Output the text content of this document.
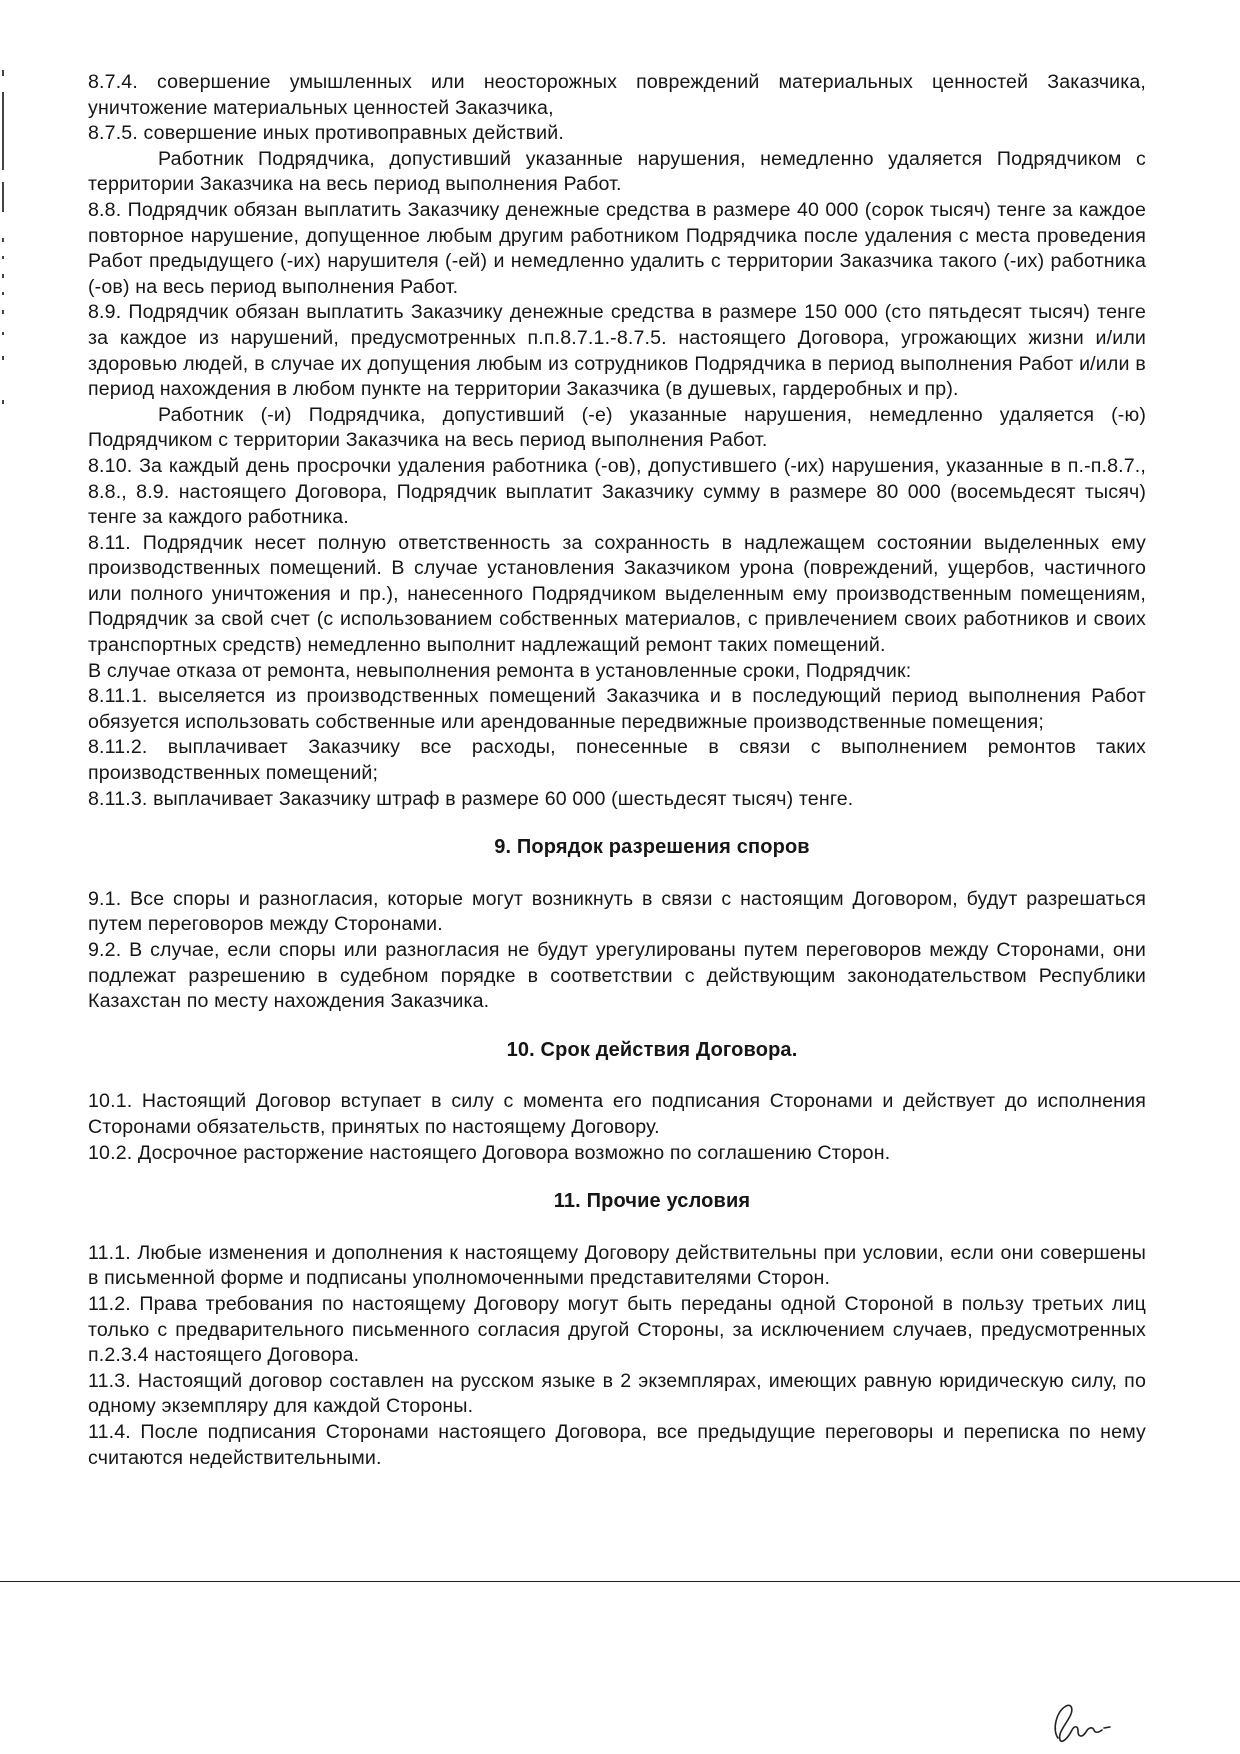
8.7.4. совершение умышленных или неосторожных повреждений материальных ценностей Заказчика, уничтожение материальных ценностей Заказчика,

8.7.5. совершение иных противоправных действий.

Работник Подрядчика, допустивший указанные нарушения, немедленно удаляется Подрядчиком с территории Заказчика на весь период выполнения Работ.

8.8. Подрядчик обязан выплатить Заказчику денежные средства в размере 40 000 (сорок тысяч) тенге за каждое повторное нарушение, допущенное любым другим работником Подрядчика после удаления с места проведения Работ предыдущего (-их) нарушителя (-ей) и немедленно удалить с территории Заказчика такого (-их) работника (-ов) на весь период выполнения Работ.

8.9. Подрядчик обязан выплатить Заказчику денежные средства в размере 150 000 (сто пятьдесят тысяч) тенге за каждое из нарушений, предусмотренных п.п.8.7.1.-8.7.5. настоящего Договора, угрожающих жизни и/или здоровью людей, в случае их допущения любым из сотрудников Подрядчика в период выполнения Работ и/или в период нахождения в любом пункте на территории Заказчика (в душевых, гардеробных и пр).

Работник (-и) Подрядчика, допустивший (-е) указанные нарушения, немедленно удаляется (-ю) Подрядчиком с территории Заказчика на весь период выполнения Работ.

8.10. За каждый день просрочки удаления работника (-ов), допустившего (-их) нарушения, указанные в п.-п.8.7., 8.8., 8.9. настоящего Договора, Подрядчик выплатит Заказчику сумму в размере 80 000 (восемьдесят тысяч) тенге за каждого работника.

8.11. Подрядчик несет полную ответственность за сохранность в надлежащем состоянии выделенных ему производственных помещений. В случае установления Заказчиком урона (повреждений, ущербов, частичного или полного уничтожения и пр.), нанесенного Подрядчиком выделенным ему производственным помещениям, Подрядчик за свой счет (с использованием собственных материалов, с привлечением своих работников и своих транспортных средств) немедленно выполнит надлежащий ремонт таких помещений.

В случае отказа от ремонта, невыполнения ремонта в установленные сроки, Подрядчик:

8.11.1. выселяется из производственных помещений Заказчика и в последующий период выполнения Работ обязуется использовать собственные или арендованные передвижные производственные помещения;

8.11.2. выплачивает Заказчику все расходы, понесенные в связи с выполнением ремонтов таких производственных помещений;

8.11.3. выплачивает Заказчику штраф в размере 60 000 (шестьдесят тысяч) тенге.

9. Порядок разрешения споров

9.1. Все споры и разногласия, которые могут возникнуть в связи с настоящим Договором, будут разрешаться путем переговоров между Сторонами.

9.2. В случае, если споры или разногласия не будут урегулированы путем переговоров между Сторонами, они подлежат разрешению в судебном порядке в соответствии с действующим законодательством Республики Казахстан по месту нахождения Заказчика.

10. Срок действия Договора.

10.1. Настоящий Договор вступает в силу с момента его подписания Сторонами и действует до исполнения Сторонами обязательств, принятых по настоящему Договору.

10.2. Досрочное расторжение настоящего Договора возможно по соглашению Сторон.

11. Прочие условия

11.1. Любые изменения и дополнения к настоящему Договору действительны при условии, если они совершены в письменной форме и подписаны уполномоченными представителями Сторон.

11.2. Права требования по настоящему Договору могут быть переданы одной Стороной в пользу третьих лиц только с предварительного письменного согласия другой Стороны, за исключением случаев, предусмотренных п.2.3.4 настоящего Договора.

11.3. Настоящий договор составлен на русском языке в 2 экземплярах, имеющих равную юридическую силу, по одному экземпляру для каждой Стороны.

11.4. После подписания Сторонами настоящего Договора, все предыдущие переговоры и переписка по нему считаются недействительными.
